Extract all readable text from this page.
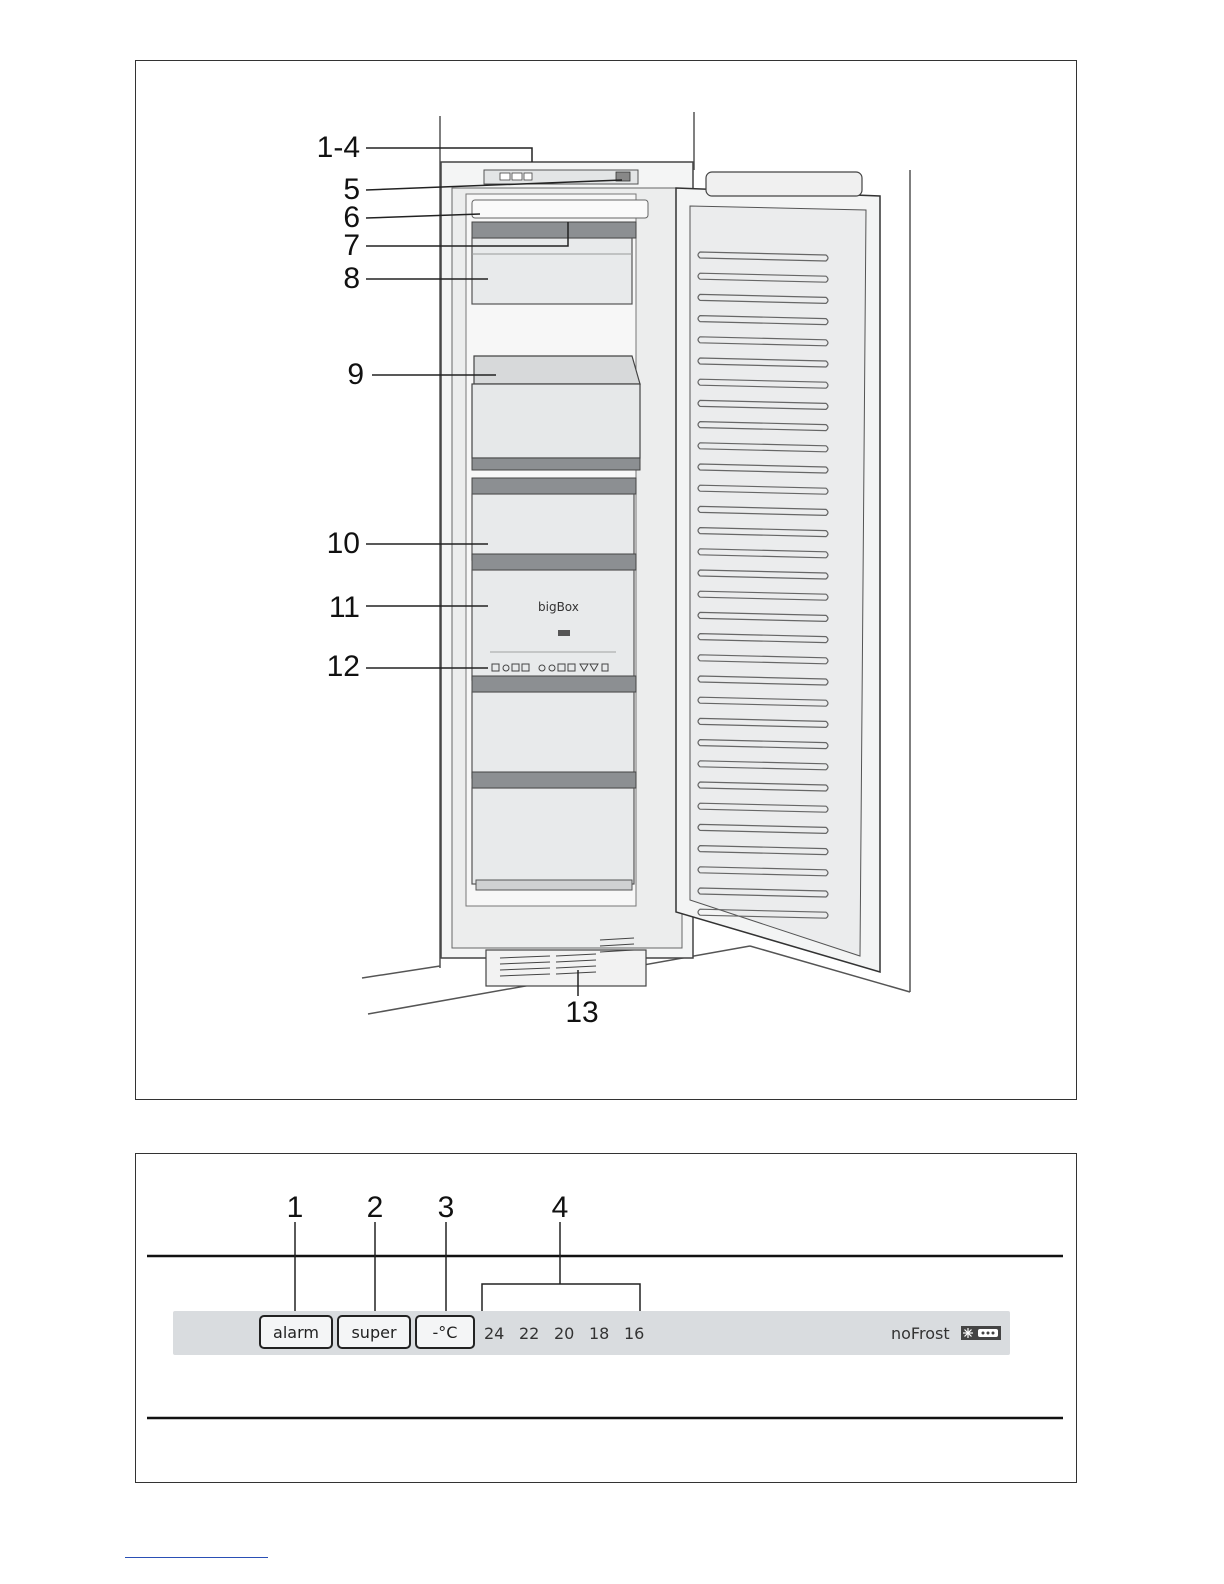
bigBox
1-4
5
6
7
8
9
10
11
12
13
1	2	3	4
alarm	super	-°C	24 22 20 18 16	noFrost
